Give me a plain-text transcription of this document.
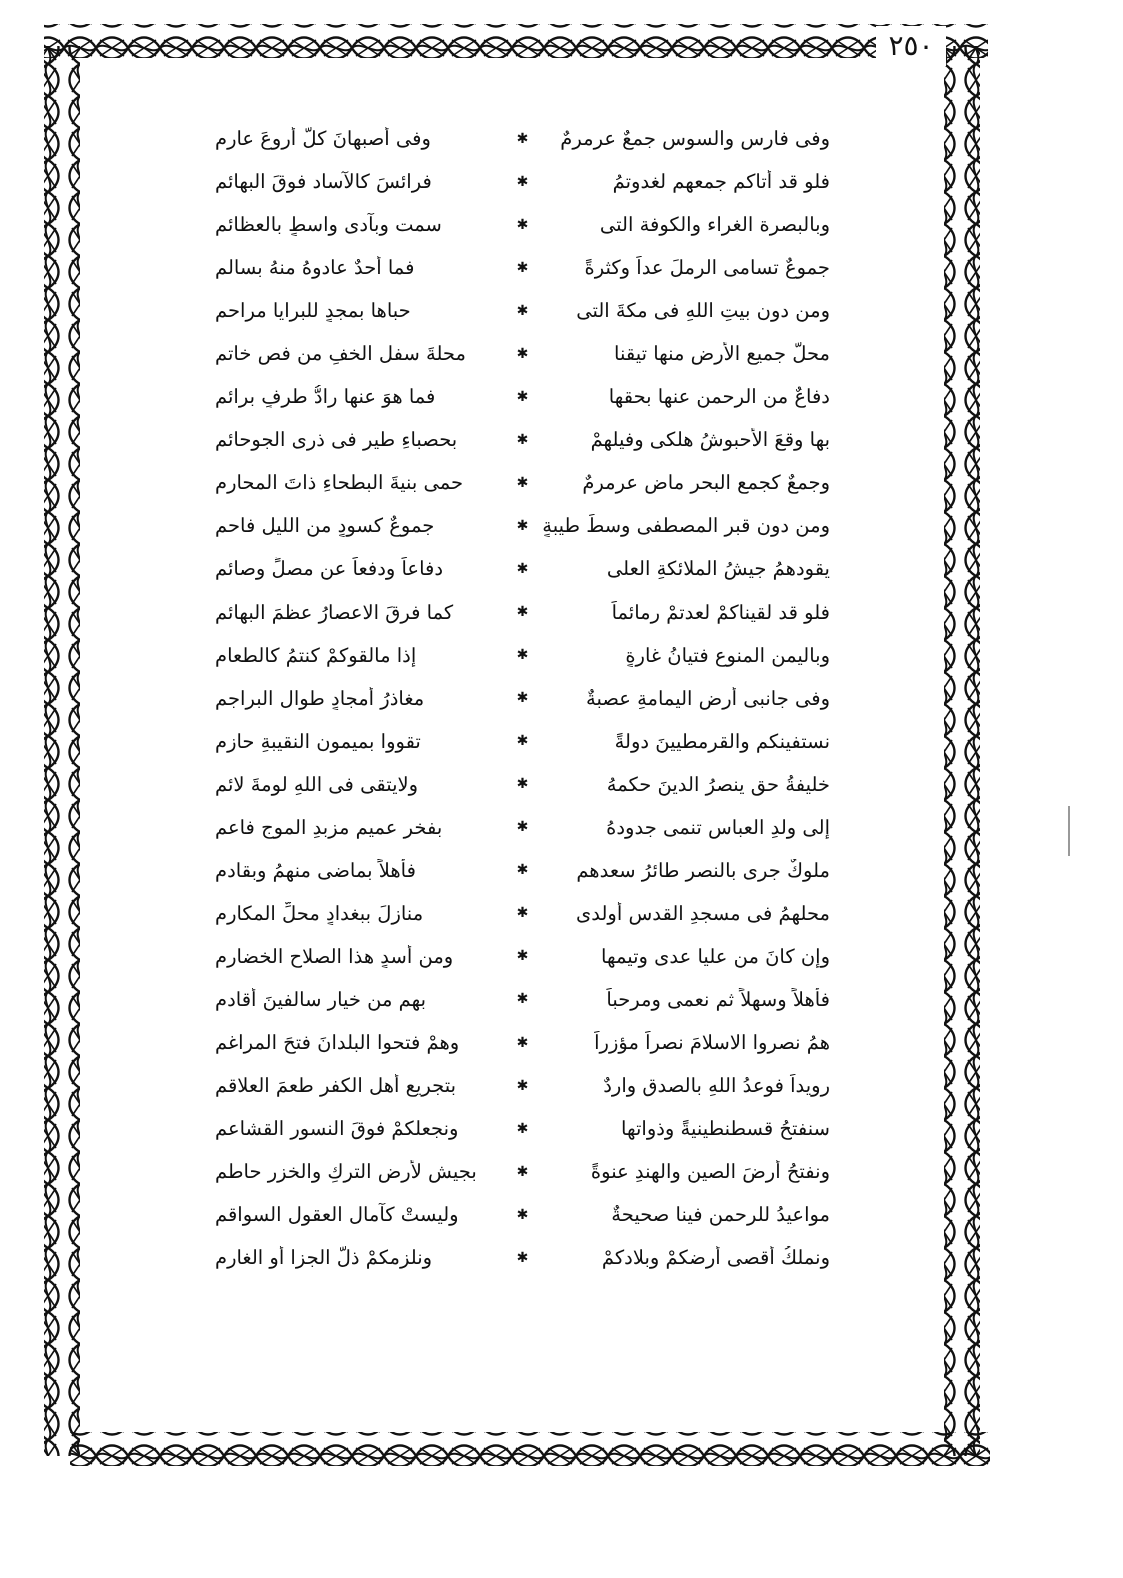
٢٥٠
وفى فارس والسوس جمعٌ عرمرمٌ
✱
وفى أصبهانَ كلُّ أروعَ عارمِ
فلو قد أتاكم جمعهم لغدوتمُ
✱
فرائسَ كالآساد فوقَ البهائمِ
وبالبصرة الغراء والكوفة التى
✱
سمت وبآدى واسطٍ بالعظائمِ
جموعٌ تسامى الرملَ عداً وكثرةً
✱
فما أحدٌ عادوهُ منهُ بسالمِ
ومن دون بيتِ اللهِ فى مكةَ التى
✱
حباها بمجدٍ للبرايا مراحمِ
محلُّ جميعِ الأرضِ منها تيقنا
✱
محلةَ سفلِ الخفِ من فصِ خاتمِ
دفاعٌ من الرحمنِ عنها بحقها
✱
فما هوَ عنها رادُّ طرفٍ برائمِ
بها وقعَ الأحبوشُ هلكى وفيلهمْ
✱
بحصباءِ طيرٍ فى ذرى الجوحائمِ
وجمعٌ كجمعِ البحرِ ماضٍ عرمرمٌ
✱
حمى بنيةَ البطحاءِ ذاتَ المحارمِ
ومن دونِ قبرِ المصطفى وسطَ طيبةٍ
✱
جموعٌ كسودٍ من الليلِ فاحمِ
يقودهمُ جيشُ الملائكةِ العلى
✱
دفاعاً ودفعاً عن مصلٍّ وصائمِ
فلو قد لقيناكمْ لعدتمْ رمائماً
✱
كما فرقَ الاعصارُ عظمَ البهائمِ
وباليمنِ المنوعِ فتيانُ غارةٍ
✱
إذا مالقوكمْ كنتمُ كالطعامِ
وفى جانبى أرضِ اليمامةِ عصبةٌ
✱
مغاذرُ أمجادٍ طوالِ البراجمِ
نستفينكم والقرمطيينَ دولةً
✱
تقووا بميمونِ النقيبةِ حازمِ
خليفةُ حقٍ ينصرُ الدينَ حكمهُ
✱
ولايتقى فى اللهِ لومةَ لائمِ
إلى ولدِ العباسِ تنمى جدودهُ
✱
بفخرٍ عميمٍ مزبدِ الموجِ فاعمِ
ملوكٌ جرى بالنصرِ طائرُ سعدهم
✱
فأهلاً بماضى منهمُ وبقادمِ
محلهمُ فى مسجدِ القدسِ أولدى
✱
منازلَ ببغدادٍ محلِّ المكارمِ
وإن كانَ من عليا عدى وتيمها
✱
ومن أسدٍ هذا الصلاحِ الخضارمِ
فأهلاً وسهلاً ثم نعمى ومرحباً
✱
بهم من خيارٍ سالفينَ أقادمِ
همُ نصروا الاسلامَ نصراً مؤزراً
✱
وهمْ فتحوا البلدانَ فتحَ المراغمِ
رويداً فوعدُ اللهِ بالصدقِ واردٌ
✱
بتجريعِ أهلِ الكفرِ طعمَ العلاقمِ
سنفتحُ قسطنطينيةً وذواتها
✱
ونجعلكمْ فوقَ النسورِ القشاعمِ
ونفتحُ أرضَ الصينِ والهندِ عنوةً
✱
بجيشٍ لأرضِ التركِ والخزرِ حاطمِ
مواعيدُ للرحمنِ فينا صحيحةٌ
✱
وليستْ كآمالِ العقولِ السواقمِ
ونملكُ أقصى أرضكمْ وبلادكمْ
✱
ونلزمكمْ ذلَّ الجزا أو الغارمِ
